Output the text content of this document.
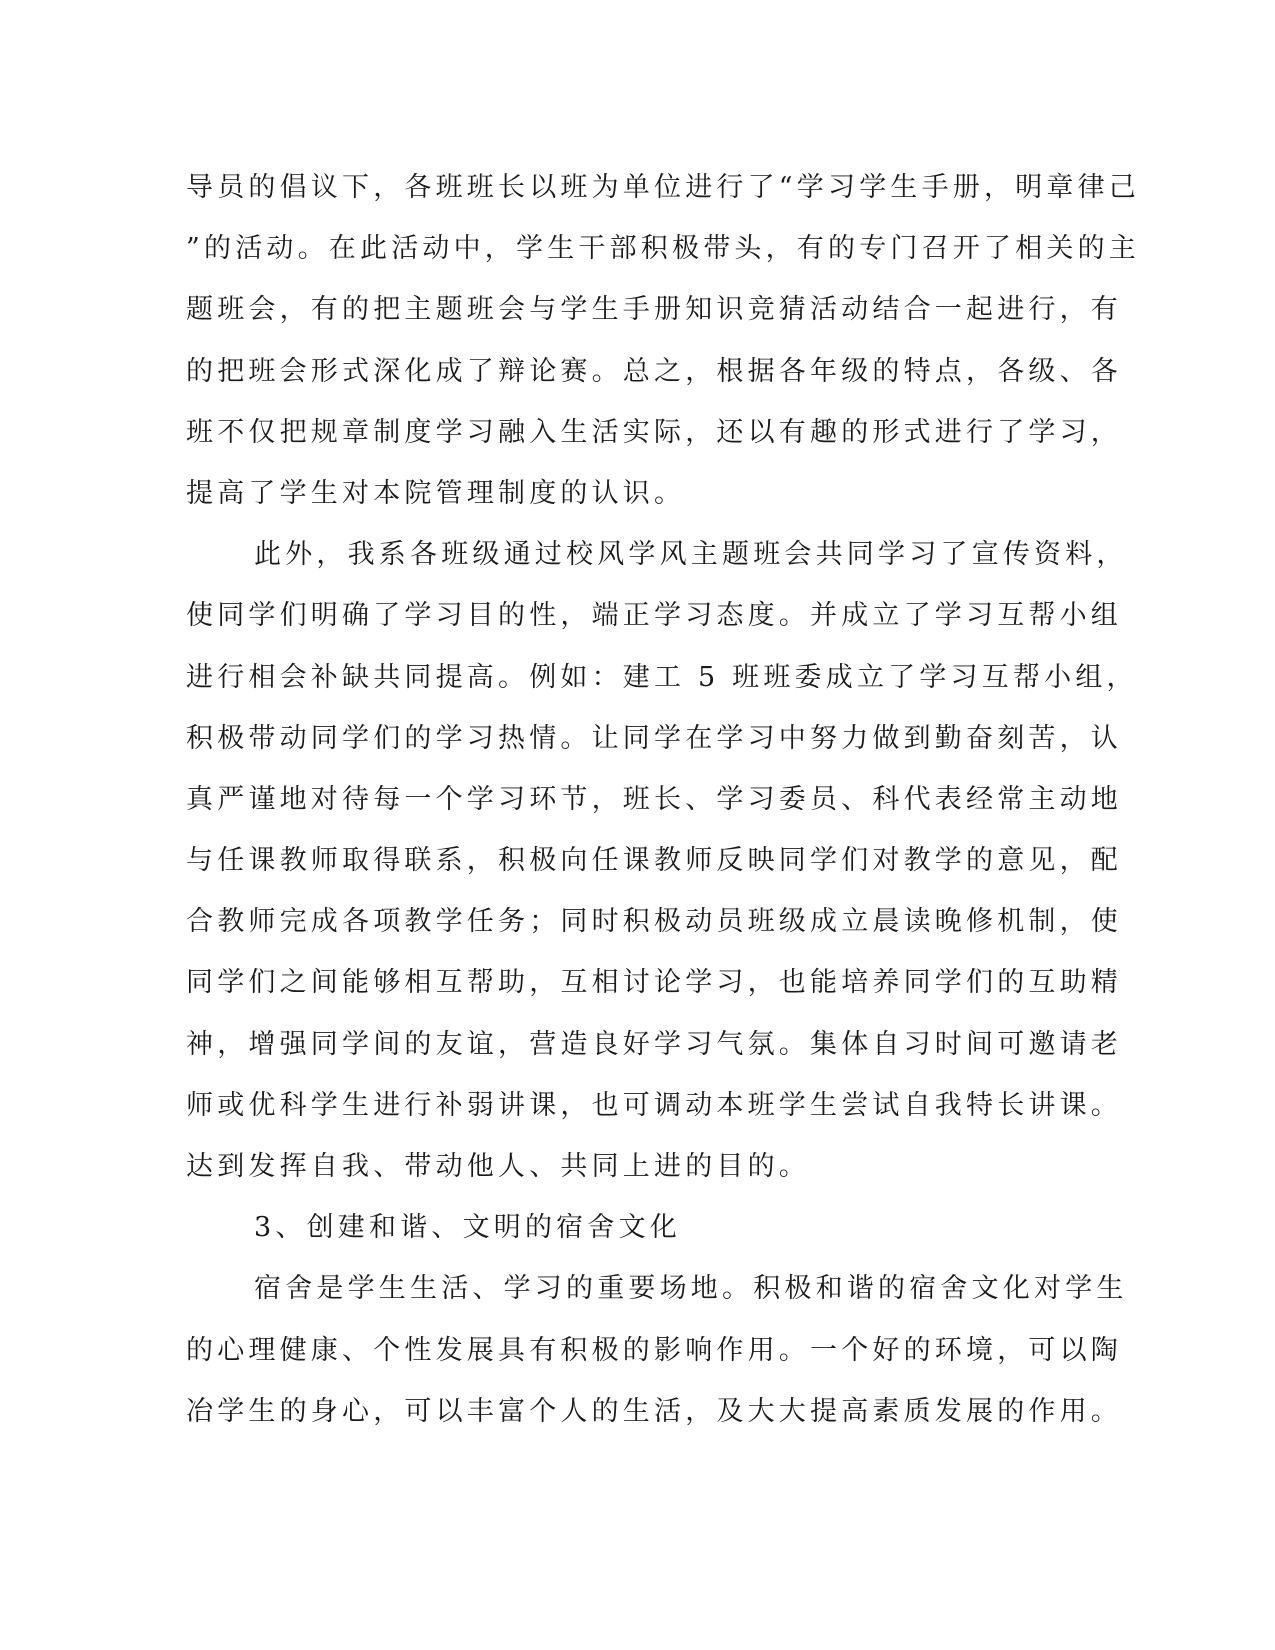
导员的倡议下，各班班长以班为单位进行了“学习学生手册，明章律己
”的活动。在此活动中，学生干部积极带头，有的专门召开了相关的主
题班会，有的把主题班会与学生手册知识竞猜活动结合一起进行，有
的把班会形式深化成了辩论赛。总之，根据各年级的特点，各级、各
班不仅把规章制度学习融入生活实际，还以有趣的形式进行了学习，
提高了学生对本院管理制度的认识。
此外，我系各班级通过校风学风主题班会共同学习了宣传资料，
使同学们明确了学习目的性，端正学习态度。并成立了学习互帮小组
进行相会补缺共同提高。例如：建工 5 班班委成立了学习互帮小组，
积极带动同学们的学习热情。让同学在学习中努力做到勤奋刻苦，认
真严谨地对待每一个学习环节，班长、学习委员、科代表经常主动地
与任课教师取得联系，积极向任课教师反映同学们对教学的意见，配
合教师完成各项教学任务；同时积极动员班级成立晨读晚修机制，使
同学们之间能够相互帮助，互相讨论学习，也能培养同学们的互助精
神，增强同学间的友谊，营造良好学习气氛。集体自习时间可邀请老
师或优科学生进行补弱讲课，也可调动本班学生尝试自我特长讲课。
达到发挥自我、带动他人、共同上进的目的。
3、创建和谐、文明的宿舍文化
宿舍是学生生活、学习的重要场地。积极和谐的宿舍文化对学生
的心理健康、个性发展具有积极的影响作用。一个好的环境，可以陶
冶学生的身心，可以丰富个人的生活，及大大提高素质发展的作用。
